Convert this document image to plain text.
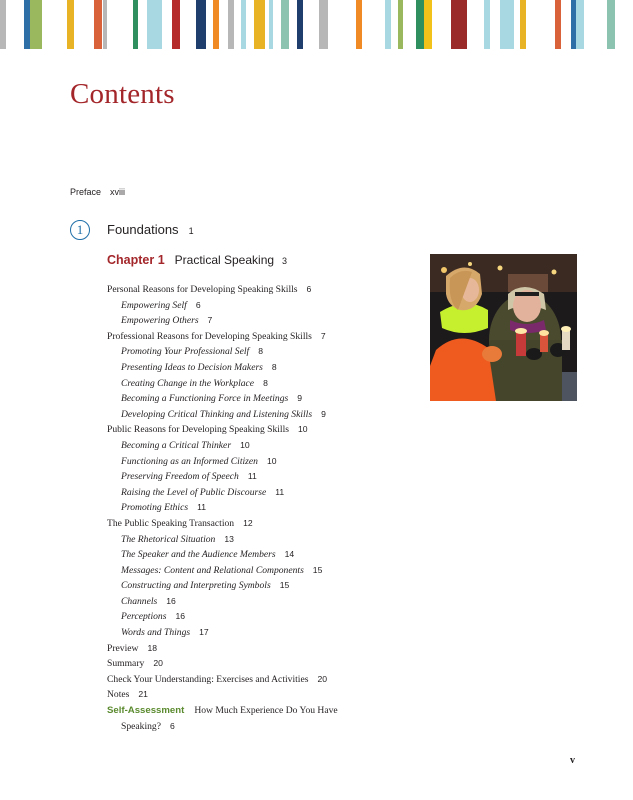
Contents
Preface xviii
1	Foundations 1
Chapter 1 Practical Speaking 3
Personal Reasons for Developing Speaking Skills 6
Empowering Self 6
Empowering Others 7
Professional Reasons for Developing Speaking Skills 7
Promoting Your Professional Self 8
Presenting Ideas to Decision Makers 8
Creating Change in the Workplace 8
Becoming a Functioning Force in Meetings 9
Developing Critical Thinking and Listening Skills 9
Public Reasons for Developing Speaking Skills 10
Becoming a Critical Thinker 10
Functioning as an Informed Citizen 10
Preserving Freedom of Speech 11
Raising the Level of Public Discourse 11
Promoting Ethics 11
The Public Speaking Transaction 12
The Rhetorical Situation 13
The Speaker and the Audience Members 14
Messages: Content and Relational Components 15
Constructing and Interpreting Symbols 15
Channels 16
Perceptions 16
Words and Things 17
Preview 18
Summary 20
Check Your Understanding: Exercises and Activities 20
Notes 21
Self-Assessment How Much Experience Do You Have
Speaking? 6
v
